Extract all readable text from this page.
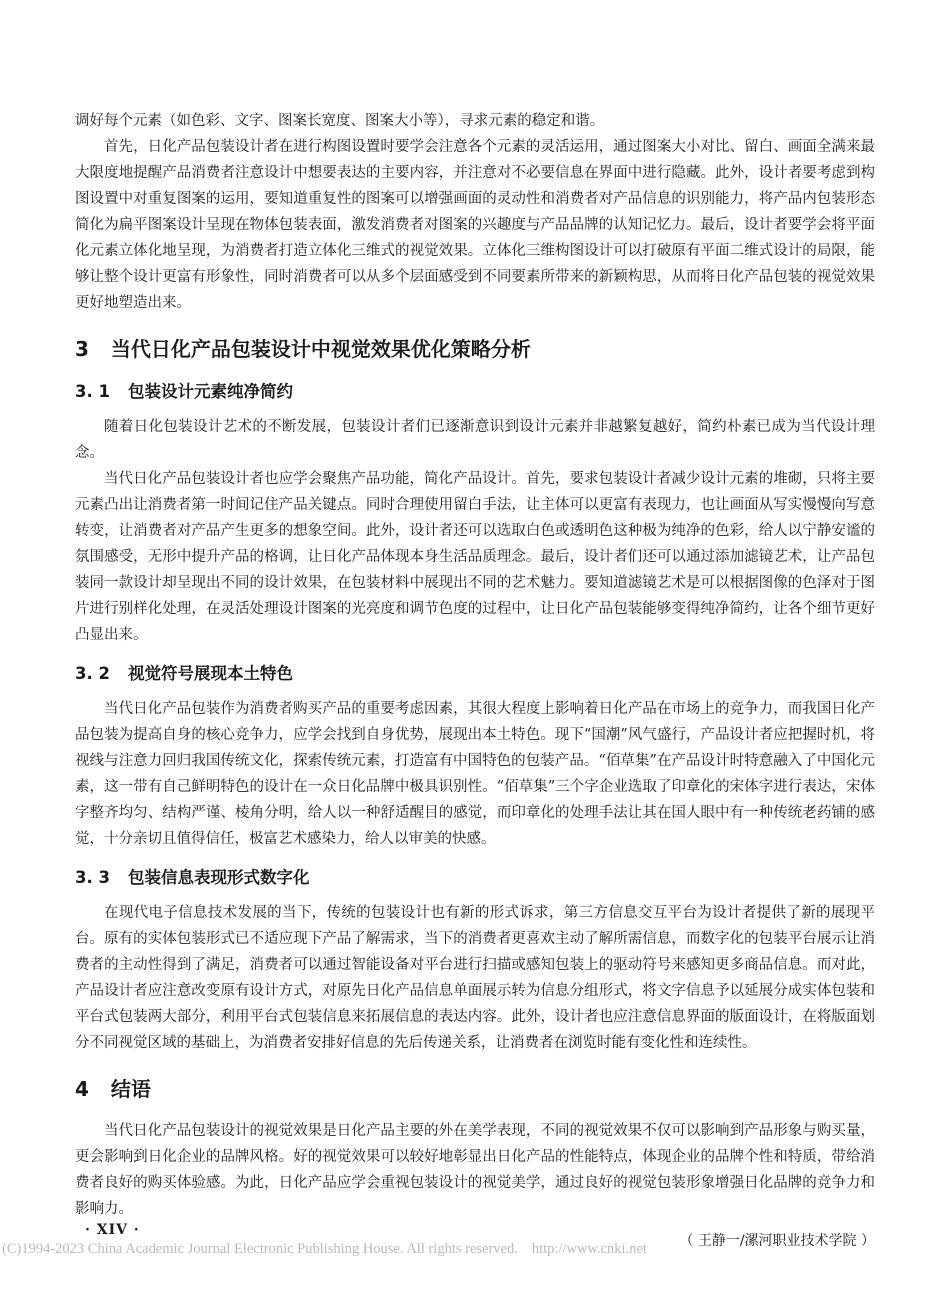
调好每个元素（如色彩、文字、图案长宽度、图案大小等），寻求元素的稳定和谐。

首先，日化产品包装设计者在进行构图设置时要学会注意各个元素的灵活运用，通过图案大小对比、留白、画面全满来最大限度地提醒产品消费者注意设计中想要表达的主要内容，并注意对不必要信息在界面中进行隐藏。此外，设计者要考虑到构图设置中对重复图案的运用，要知道重复性的图案可以增强画面的灵动性和消费者对产品信息的识别能力，将产品内包装形态简化为扁平图案设计呈现在物体包装表面，激发消费者对图案的兴趣度与产品品牌的认知记忆力。最后，设计者要学会将平面化元素立体化地呈现，为消费者打造立体化三维式的视觉效果。立体化三维构图设计可以打破原有平面二维式设计的局限，能够让整个设计更富有形象性，同时消费者可以从多个层面感受到不同要素所带来的新颖构思，从而将日化产品包装的视觉效果更好地塑造出来。

3 当代日化产品包装设计中视觉效果优化策略分析
3. 1 包装设计元素纯净简约

随着日化包装设计艺术的不断发展，包装设计者们已逐渐意识到设计元素并非越繁复越好，简约朴素已成为当代设计理念。

当代日化产品包装设计者也应学会聚焦产品功能，简化产品设计。首先，要求包装设计者减少设计元素的堆砌，只将主要元素凸出让消费者第一时间记住产品关键点。同时合理使用留白手法，让主体可以更富有表现力，也让画面从写实慢慢向写意转变，让消费者对产品产生更多的想象空间。此外，设计者还可以选取白色或透明色这种极为纯净的色彩，给人以宁静安谧的氛围感受，无形中提升产品的格调，让日化产品体现本身生活品质理念。最后，设计者们还可以通过添加滤镜艺术，让产品包装同一款设计却呈现出不同的设计效果，在包装材料中展现出不同的艺术魅力。要知道滤镜艺术是可以根据图像的色泽对于图片进行别样化处理，在灵活处理设计图案的光亮度和调节色度的过程中，让日化产品包装能够变得纯净简约，让各个细节更好凸显出来。

3. 2 视觉符号展现本土特色

当代日化产品包装作为消费者购买产品的重要考虑因素，其很大程度上影响着日化产品在市场上的竞争力，而我国日化产品包装为提高自身的核心竞争力，应学会找到自身优势，展现出本土特色。现下“国潮”风气盛行，产品设计者应把握时机，将视线与注意力回归我国传统文化，探索传统元素，打造富有中国特色的包装产品。“佰草集”在产品设计时特意融入了中国化元素，这一带有自己鲜明特色的设计在一众日化品牌中极具识别性。“佰草集”三个字企业选取了印章化的宋体字进行表达，宋体字整齐均匀、结构严谨、棱角分明，给人以一种舒适醒目的感觉，而印章化的处理手法让其在国人眼中有一种传统老药铺的感觉，十分亲切且值得信任，极富艺术感染力，给人以审美的快感。

3. 3 包装信息表现形式数字化

在现代电子信息技术发展的当下，传统的包装设计也有新的形式诉求，第三方信息交互平台为设计者提供了新的展现平台。原有的实体包装形式已不适应现下产品了解需求，当下的消费者更喜欢主动了解所需信息，而数字化的包装平台展示让消费者的主动性得到了满足，消费者可以通过智能设备对平台进行扫描或感知包装上的驱动符号来感知更多商品信息。而对此，产品设计者应注意改变原有设计方式，对原先日化产品信息单面展示转为信息分组形式，将文字信息予以延展分成实体包装和平台式包装两大部分，利用平台式包装信息来拓展信息的表达内容。此外，设计者也应注意信息界面的版面设计，在将版面划分不同视觉区域的基础上，为消费者安排好信息的先后传递关系，让消费者在浏览时能有变化性和连续性。

4 结语

当代日化产品包装设计的视觉效果是日化产品主要的外在美学表现，不同的视觉效果不仅可以影响到产品形象与购买量，更会影响到日化企业的品牌风格。好的视觉效果可以较好地彰显出日化产品的性能特点，体现企业的品牌个性和特质，带给消费者良好的购买体验感。为此，日化产品应学会重视包装设计的视觉美学，通过良好的视觉包装形象增强日化品牌的竞争力和影响力。

（ 王静一/漯河职业技术学院 ）
· XIV ·
(C)1994-2023 China Academic Journal Electronic Publishing House. All rights reserved. http://www.cnki.net
